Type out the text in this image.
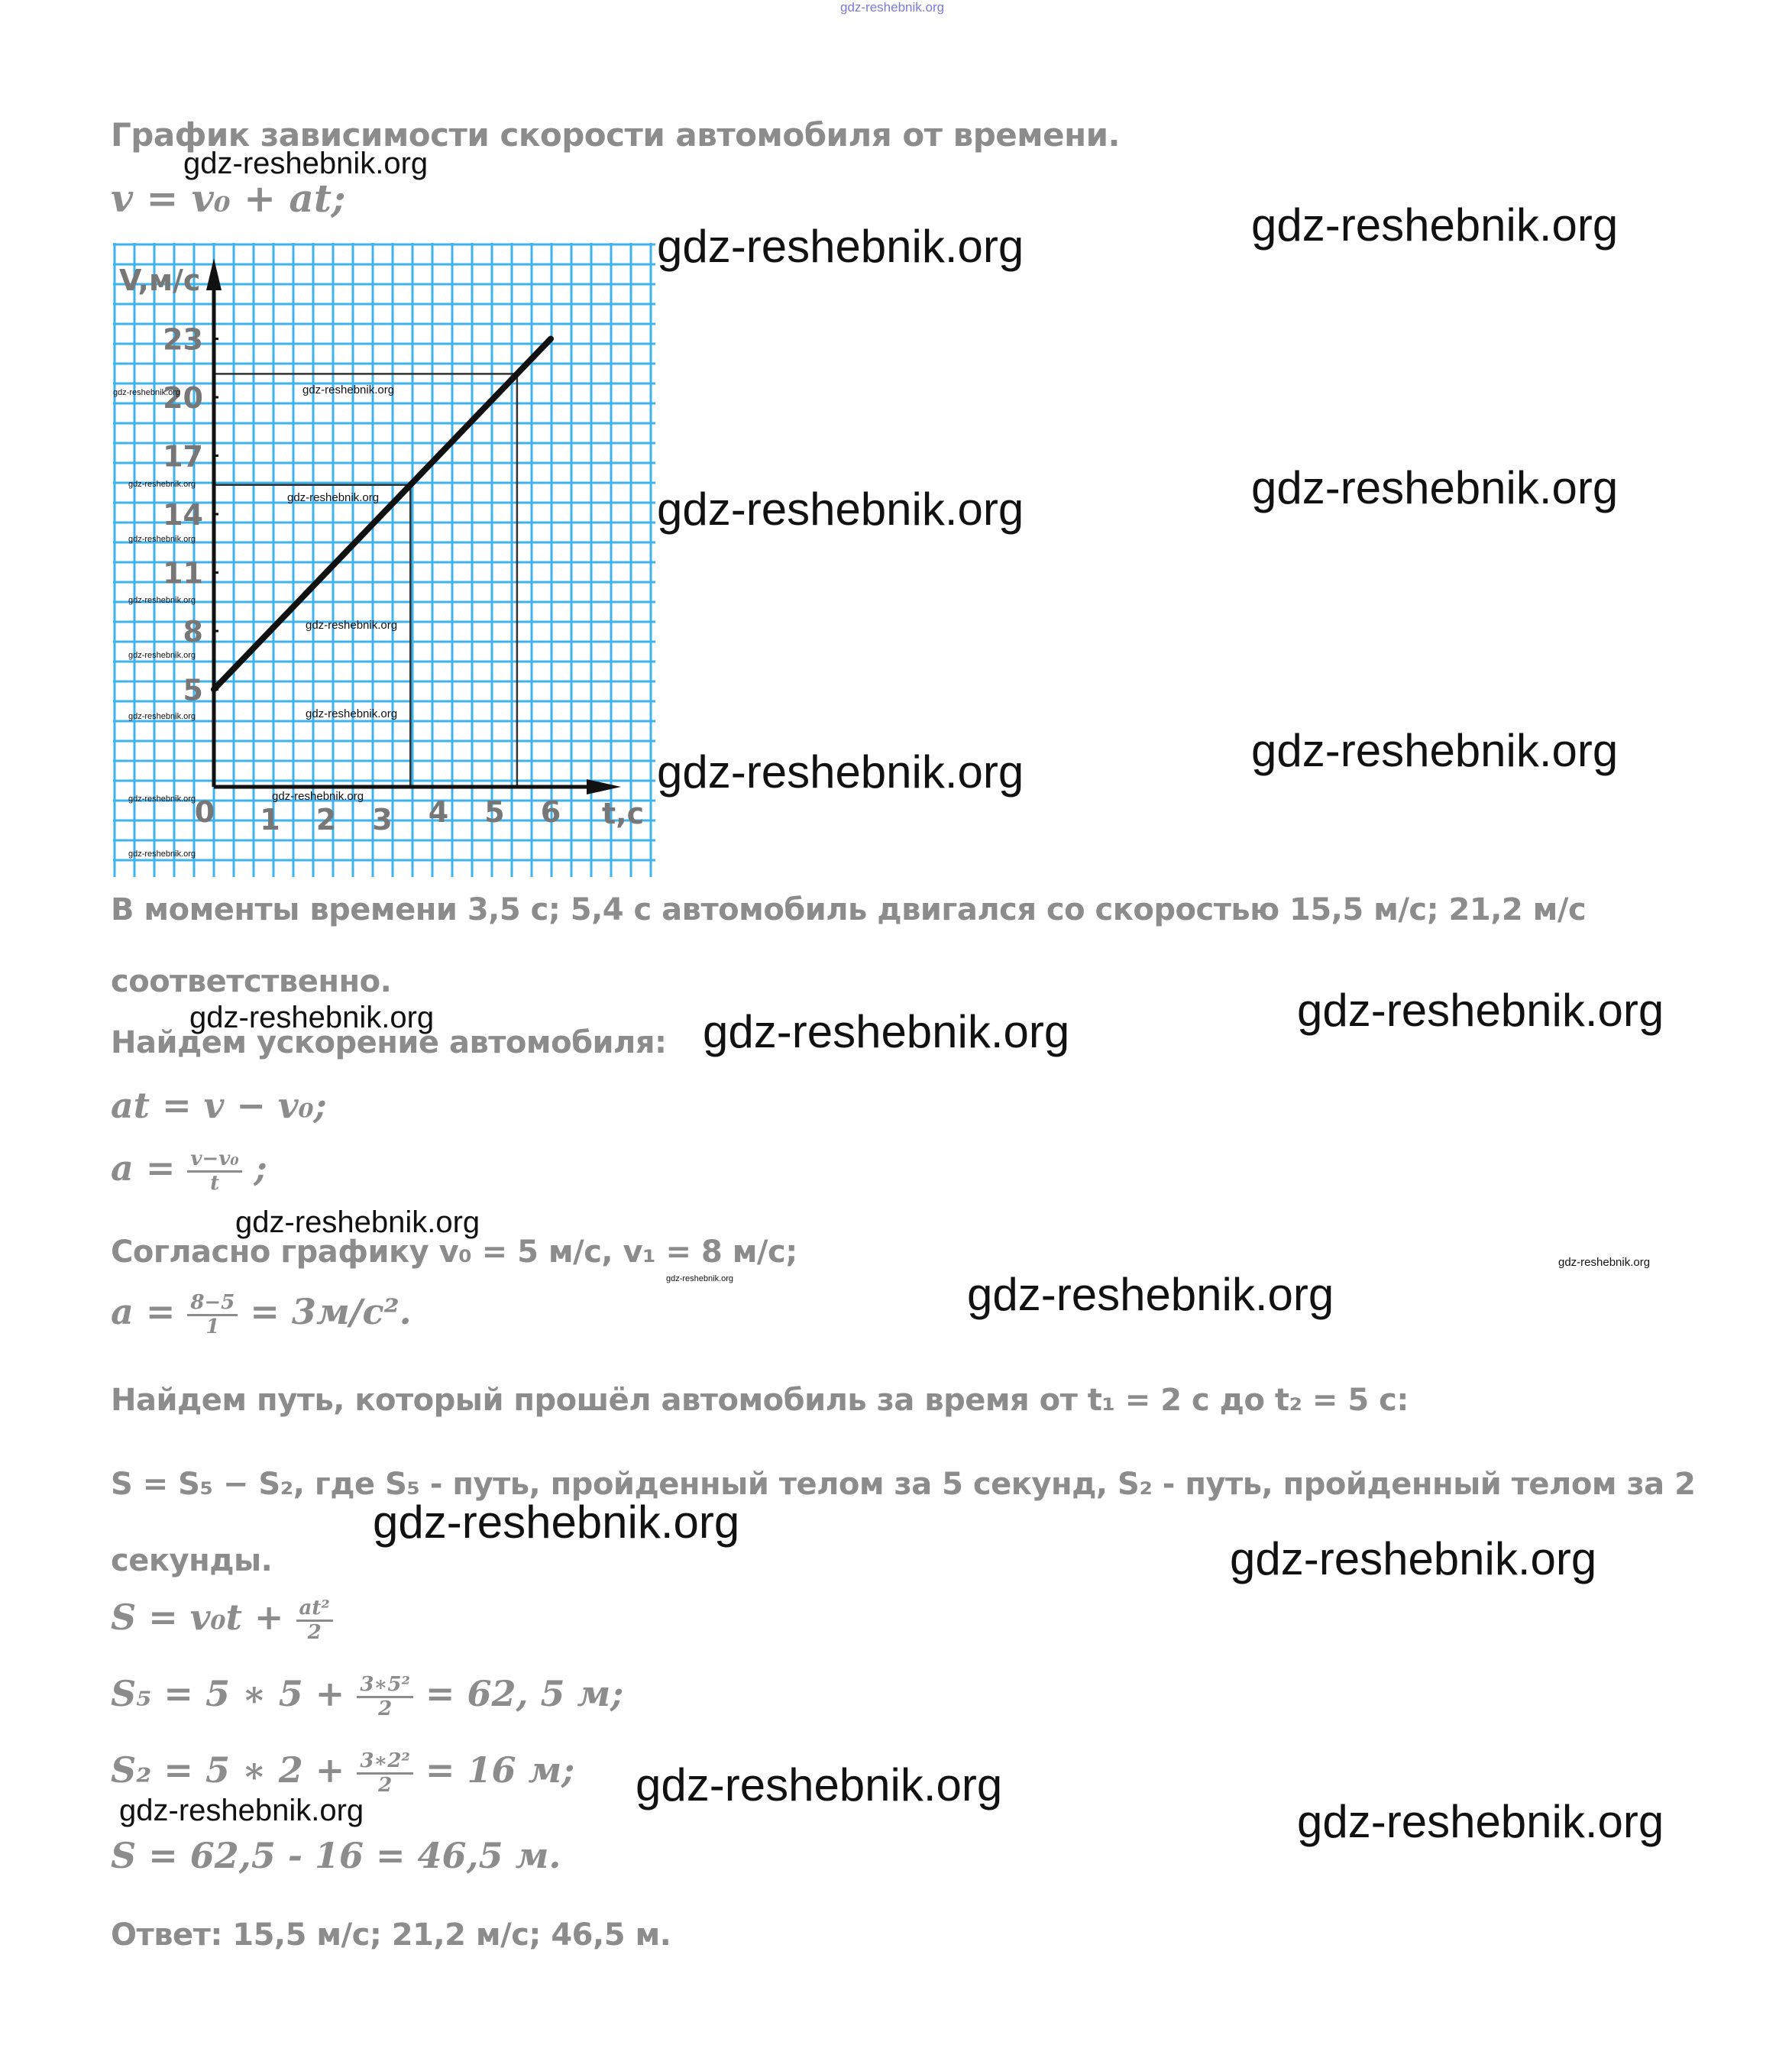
gdz-reshebnik.org
График зависимости скорости автомобиля от времени.
v = v₀ + at;
5
8
11
14
17
20
23
0 1 2 3 4 5 6
V,м/с
t,c
В моменты времени 3,5 с; 5,4 с автомобиль двигался со скоростью 15,5 м/с; 21,2 м/с
соответственно.
Найдем ускорение автомобиля:
at = v − v₀;
$a = \frac{\text{v−v₀}}{t}$ ;
Согласно графику v₀ = 5 м/с, v₁ = 8 м/с;
$a = \frac{8-5}{1} = 3м/с^2$.
Найдем путь, который прошёл автомобиль за время от t₁ = 2 с до t₂ = 5 с:
S = S₅ − S₂, где S₅ - путь, пройденный телом за 5 секунд, S₂ - путь, пройденный телом за 2
секунды.
$S = v_0t + \frac{\text{at²}}{2}$
S₅ = 5 ∗ $5 + \frac{\text{3∗5²}}{2} = 62$, 5 м;
S₂ = 5 ∗ $2 + \frac{\text{3∗2²}}{2} = 16$ м;
S = 62,5 - 16 = 46,5 м.
Ответ: 15,5 м/с; 21,2 м/с; 46,5 м.
gdz-reshebnik.org
gdz-reshebnik.org	gdz-reshebnik.org
gdz-reshebnik.org	gdz-reshebnik.org
gdz-reshebnik.org	gdz-reshebnik.org
gdz-reshebnik.org
gdz-reshebnik.org
gdz-reshebnik.org
gdz-reshebnik.org
gdz-reshebnik.org
gdz-reshebnik.org
gdz-reshebnik.org
gdz-reshebnik.org
gdz-reshebnik.org
gdz-reshebnik.org
gdz-reshebnik.org
gdz-reshebnik.org
gdz-reshebnik.org
gdz-reshebnik.org	gdz-reshebnik.org	gdz-reshebnik.org
gdz-reshebnik.org
gdz-reshebnik.org
gdz-reshebnik.org
gdz-reshebnik.org
gdz-reshebnik.org
gdz-reshebnik.org
gdz-reshebnik.org	gdz-reshebnik.org
gdz-reshebnik.org
